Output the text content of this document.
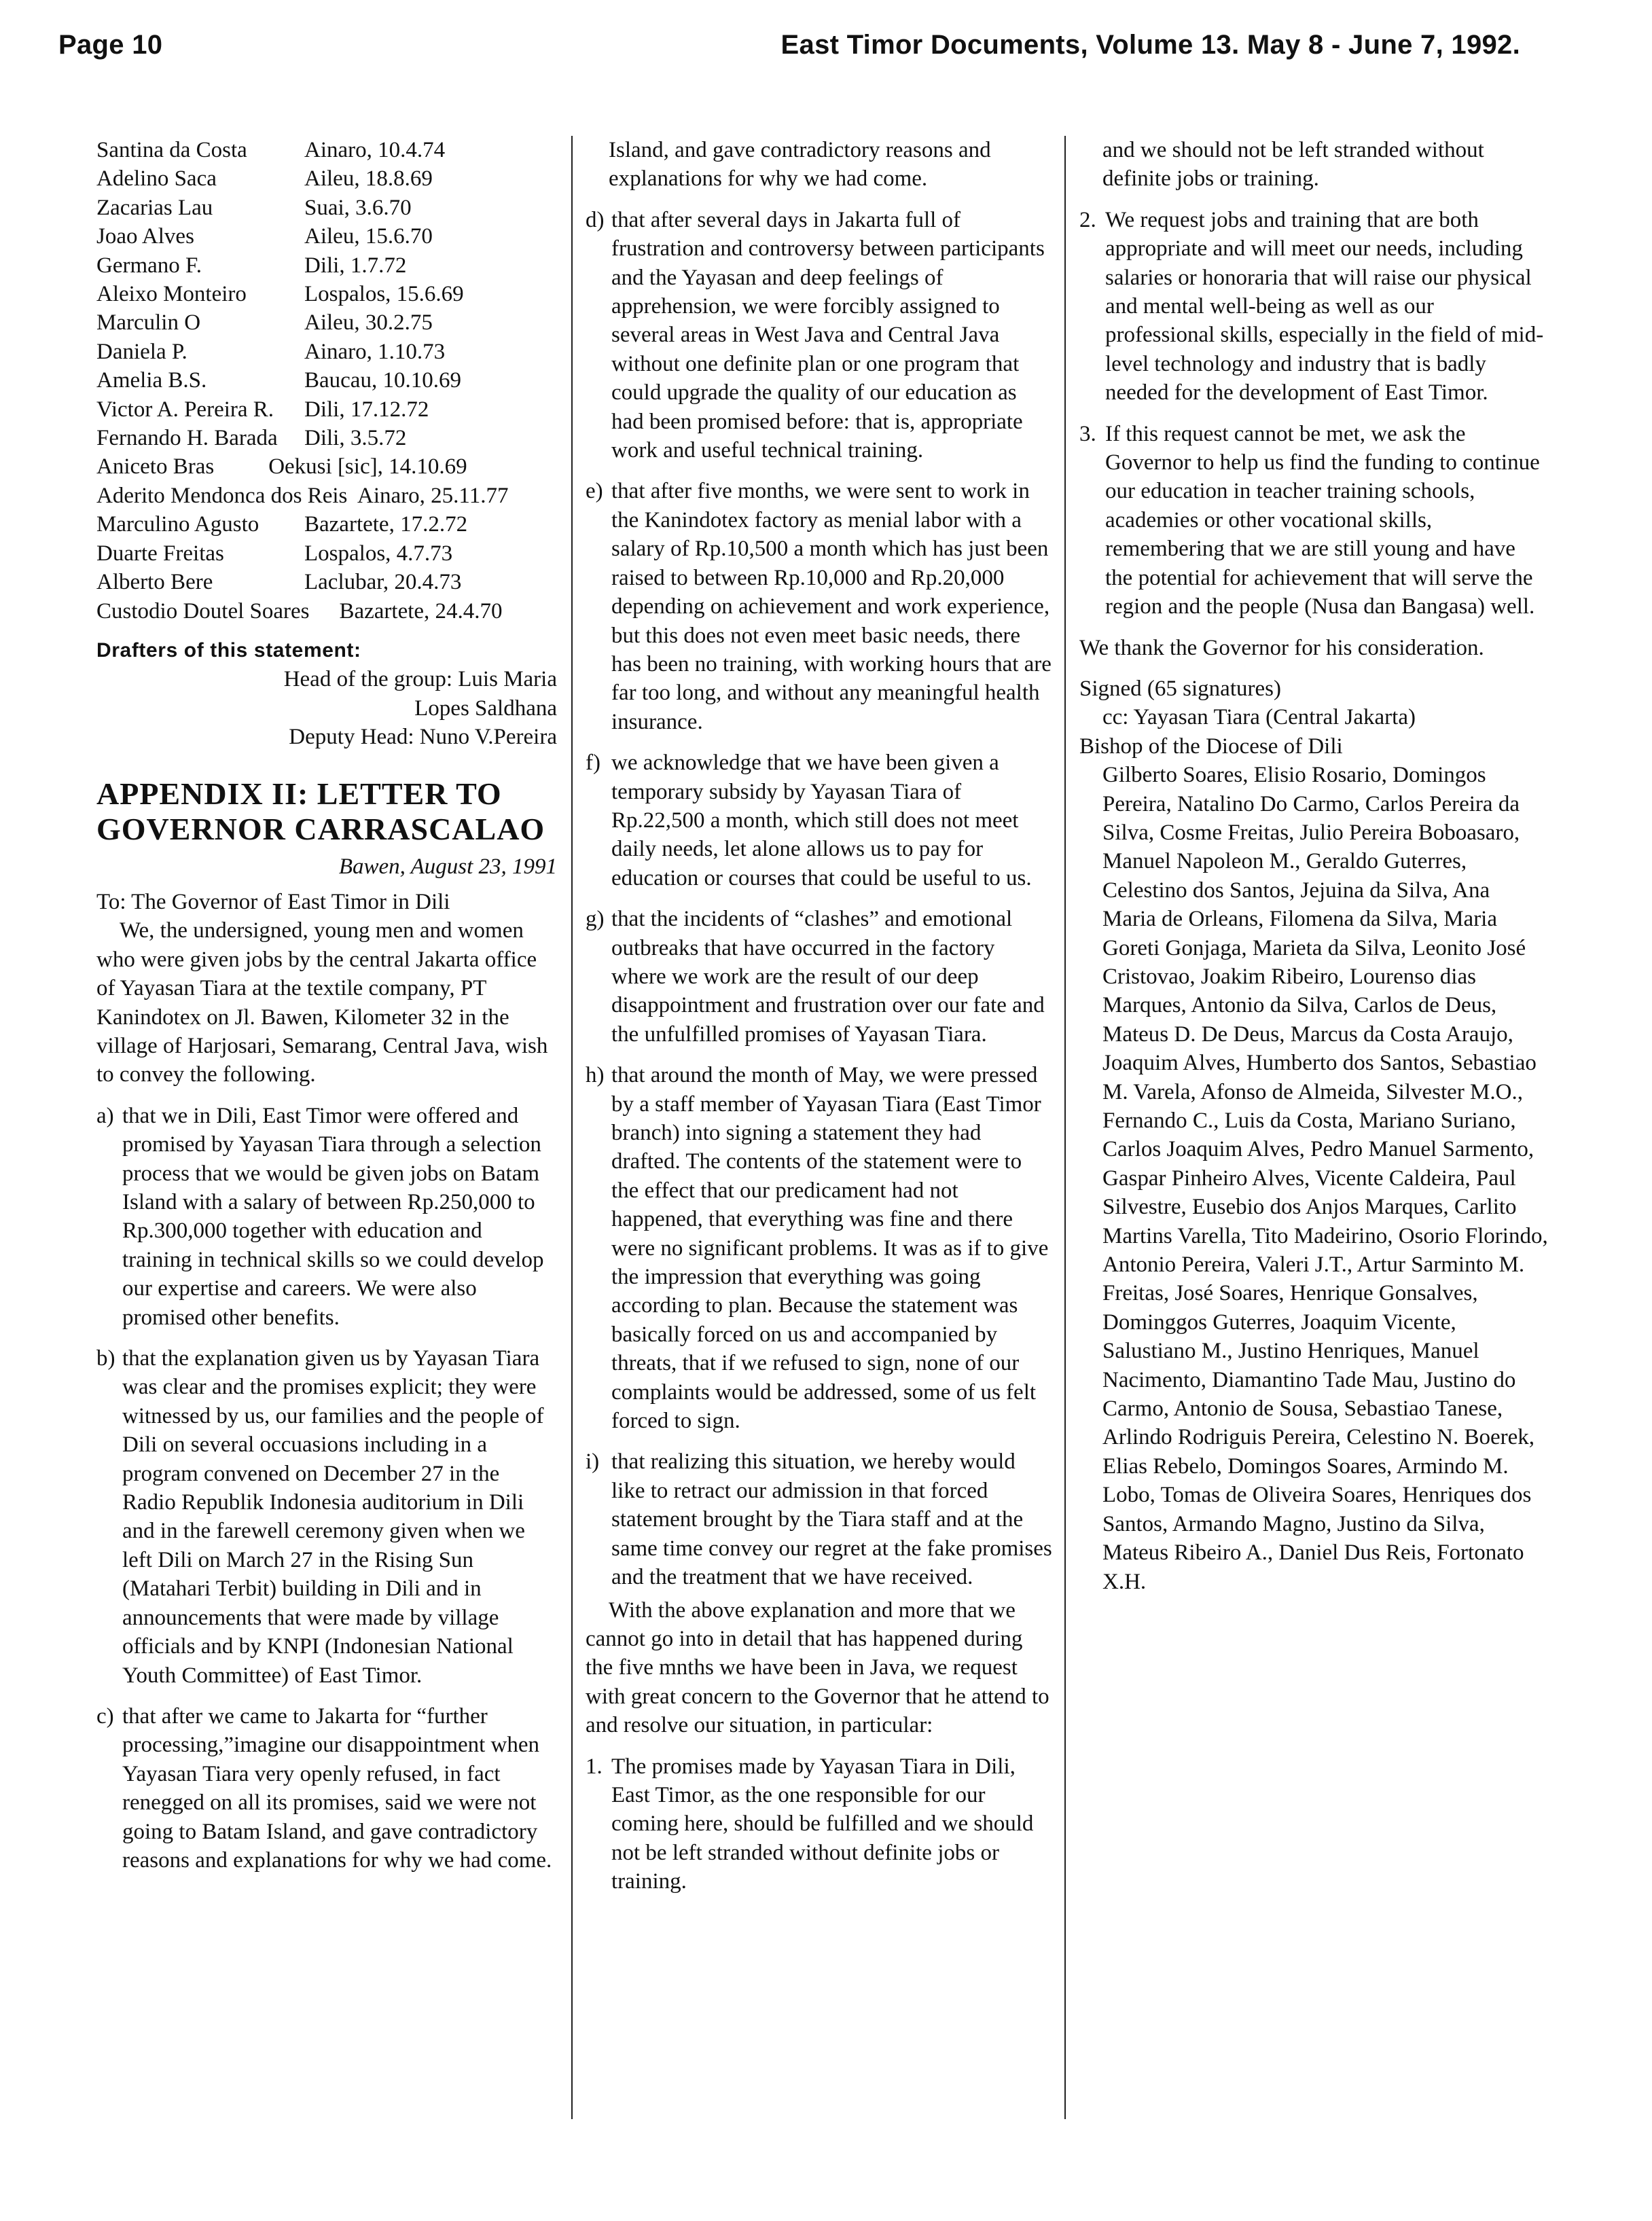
Page 10	East Timor Documents, Volume 13. May 8 - June 7, 1992.
Santina da Costa	Ainaro, 10.4.74
Adelino Saca	Aileu, 18.8.69
Zacarias Lau	Suai, 3.6.70
Joao Alves	Aileu, 15.6.70
Germano F.	Dili, 1.7.72
Aleixo Monteiro	Lospalos, 15.6.69
Marculin O	Aileu, 30.2.75
Daniela P.	Ainaro, 1.10.73
Amelia B.S.	Baucau, 10.10.69
Victor A. Pereira R.	Dili, 17.12.72
Fernando H. Barada	Dili, 3.5.72
Aniceto Bras Oekusi [sic], 14.10.69
Aderito Mendonca dos Reis Ainaro, 25.11.77
Marculino Agusto	Bazartete, 17.2.72
Duarte Freitas	Lospalos, 4.7.73
Alberto Bere	Laclubar, 20.4.73
Custodio Doutel Soares Bazartete, 24.4.70
Drafters of this statement:
Head of the group: Luis Maria Lopes Saldhana
Deputy Head: Nuno V.Pereira
APPENDIX II: LETTER TO GOVERNOR CARRASCALAO
Bawen, August 23, 1991
To: The Governor of East Timor in Dili
We, the undersigned, young men and women who were given jobs by the central Jakarta office of Yayasan Tiara at the textile company, PT Kanindotex on Jl. Bawen, Kilometer 32 in the village of Harjosari, Semarang, Central Java, wish to convey the following.
a) that we in Dili, East Timor were offered and promised by Yayasan Tiara through a selection process that we would be given jobs on Batam Island with a salary of between Rp.250,000 to Rp.300,000 together with education and training in technical skills so we could develop our expertise and careers. We were also promised other benefits.
b) that the explanation given us by Yayasan Tiara was clear and the promises explicit; they were witnessed by us, our families and the people of Dili on several occuasions including in a program convened on December 27 in the Radio Republik Indonesia auditorium in Dili and in the farewell ceremony given when we left Dili on March 27 in the Rising Sun (Matahari Terbit) building in Dili and in announcements that were made by village officials and by KNPI (Indonesian National Youth Committee) of East Timor.
c) that after we came to Jakarta for “further processing,”imagine our disappointment when Yayasan Tiara very openly refused, in fact renegged on all its promises, said we were not going to Batam Island, and gave contradictory reasons and explanations for why we had come.
Island, and gave contradictory reasons and explanations for why we had come.
d) that after several days in Jakarta full of frustration and controversy between participants and the Yayasan and deep feelings of apprehension, we were forcibly assigned to several areas in West Java and Central Java without one definite plan or one program that could upgrade the quality of our education as had been promised before: that is, appropriate work and useful technical training.
e) that after five months, we were sent to work in the Kanindotex factory as menial labor with a salary of Rp.10,500 a month which has just been raised to between Rp.10,000 and Rp.20,000 depending on achievement and work experience, but this does not even meet basic needs, there has been no training, with working hours that are far too long, and without any meaningful health insurance.
f) we acknowledge that we have been given a temporary subsidy by Yayasan Tiara of Rp.22,500 a month, which still does not meet daily needs, let alone allows us to pay for education or courses that could be useful to us.
g) that the incidents of “clashes” and emotional outbreaks that have occurred in the factory where we work are the result of our deep disappointment and frustration over our fate and the unfulfilled promises of Yayasan Tiara.
h) that around the month of May, we were pressed by a staff member of Yayasan Tiara (East Timor branch) into signing a statement they had drafted. The contents of the statement were to the effect that our predicament had not happened, that everything was fine and there were no significant problems. It was as if to give the impression that everything was going according to plan. Because the statement was basically forced on us and accompanied by threats, that if we refused to sign, none of our complaints would be addressed, some of us felt forced to sign.
i) that realizing this situation, we hereby would like to retract our admission in that forced statement brought by the Tiara staff and at the same time convey our regret at the fake promises and the treatment that we have received.
With the above explanation and more that we cannot go into in detail that has happened during the five mnths we have been in Java, we request with great concern to the Governor that he attend to and resolve our situation, in particular:
1. The promises made by Yayasan Tiara in Dili, East Timor, as the one responsible for our coming here, should be fulfilled and we should not be left stranded without definite jobs or training.
and we should not be left stranded without definite jobs or training.
2. We request jobs and training that are both appropriate and will meet our needs, including salaries or honoraria that will raise our physical and mental well-being as well as our professional skills, especially in the field of mid-level technology and industry that is badly needed for the development of East Timor.
3. If this request cannot be met, we ask the Governor to help us find the funding to continue our education in teacher training schools, academies or other vocational skills, remembering that we are still young and have the potential for achievement that will serve the region and the people (Nusa dan Bangasa) well.
We thank the Governor for his consideration.
Signed (65 signatures)
cc: Yayasan Tiara (Central Jakarta)
Bishop of the Diocese of Dili
Gilberto Soares, Elisio Rosario, Domingos Pereira, Natalino Do Carmo, Carlos Pereira da Silva, Cosme Freitas, Julio Pereira Boboasaro, Manuel Napoleon M., Geraldo Guterres, Celestino dos Santos, Jejuina da Silva, Ana Maria de Orleans, Filomena da Silva, Maria Goreti Gonjaga, Marieta da Silva, Leonito José Cristovao, Joakim Ribeiro, Lourenso dias Marques, Antonio da Silva, Carlos de Deus, Mateus D. De Deus, Marcus da Costa Araujo, Joaquim Alves, Humberto dos Santos, Sebastiao M. Varela, Afonso de Almeida, Silvester M.O., Fernando C., Luis da Costa, Mariano Suriano, Carlos Joaquim Alves, Pedro Manuel Sarmento, Gaspar Pinheiro Alves, Vicente Caldeira, Paul Silvestre, Eusebio dos Anjos Marques, Carlito Martins Varella, Tito Madeirino, Osorio Florindo, Antonio Pereira, Valeri J.T., Artur Sarminto M. Freitas, José Soares, Henrique Gonsalves, Dominggos Guterres, Joaquim Vicente, Salustiano M., Justino Henriques, Manuel Nacimento, Diamantino Tade Mau, Justino do Carmo, Antonio de Sousa, Sebastiao Tanese, Arlindo Rodriguis Pereira, Celestino N. Boerek, Elias Rebelo, Domingos Soares, Armindo M. Lobo, Tomas de Oliveira Soares, Henriques dos Santos, Armando Magno, Justino da Silva, Mateus Ribeiro A., Daniel Dus Reis, Fortonato X.H.
